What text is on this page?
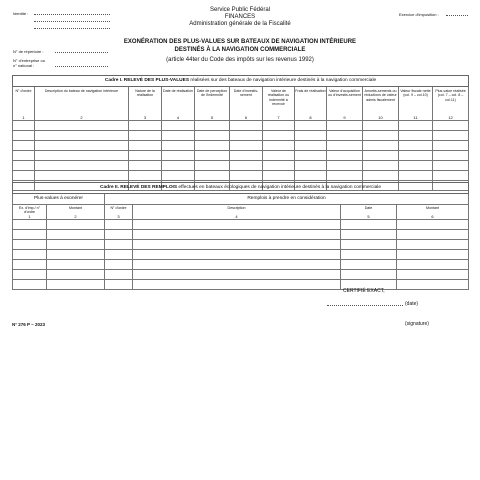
Identité :
Service Public Fédéral
FINANCES
Administration générale de la Fiscalité
Exercice d'imposition :
EXONÉRATION DES PLUS-VALUES SUR BATEAUX DE NAVIGATION INTÉRIEURE
DESTINÉS À LA NAVIGATION COMMERCIALE
(article 44ter du Code des impôts sur les revenus 1992)
N° de répertoire :
N° d'entreprise ou
n° national :
Cadre I. RELEVÉ DES PLUS-VALUES réalisées sur des bateaux de navigation intérieure destinés à la navigation commerciale											
N° d'ordre	Description du bateau de navigation intérieure	Nature de la réalisation	Date de réalisation	Date de perception de l'indemnité	Date d'investis-sement	Valeur de réalisation ou indemnité à recevoir	Frais de réalisation	Valeur d'acquisition ou d'investis-sement	Amortis-sements ou réductions de valeur admis fiscalement	Valeur fiscale nette (col. 9 – col.10)	Plus-value réalisée (col. 7 – col. 8 – col.11)
1	2	3	4	5	6	7	8	9	10	11	12

Cadre II. RELEVÉ DES REMPLOIS effectués en bateaux écologiques de navigation intérieure destinés à la navigation commerciale					
Plus-values à exonérer		Remplois à prendre en considération			
Ex. d'imp./ n° d'ordre	Montant	N° d'ordre	Description	Date	Montant
1	2	3	4	5	6

CERTIFIÉ EXACT,
(date)
N° 276 P – 2023	(signature)
